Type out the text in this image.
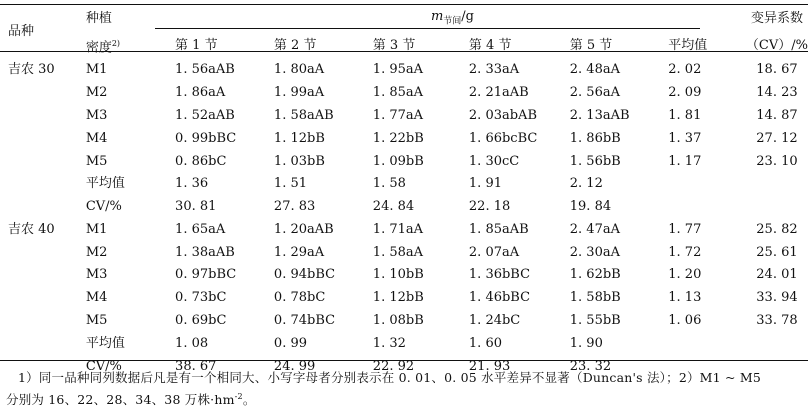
品种	种植	$m_{节间}/g$						变异系数
	密度$^{2)}$	第 1 节	第 2 节	第 3 节	第 4 节	第 5 节	平均值	（CV）/%
吉农 30	M1	1. 56aAB	1. 80aA	1. 95aA	2. 33aA	2. 48aA	2. 02	18. 67
	M2	1. 86aA	1. 99aA	1. 85aA	2. 21aAB	2. 56aA	2. 09	14. 23
	M3	1. 52aAB	1. 58aAB	1. 77aA	2. 03abAB	2. 13aAB	1. 81	14. 87
	M4	0. 99bBC	1. 12bB	1. 22bB	1. 66bcBC	1. 86bB	1. 37	27. 12
	M5	0. 86bC	1. 03bB	1. 09bB	1. 30cC	1. 56bB	1. 17	23. 10
	平均值	1. 36	1. 51	1. 58	1. 91	2. 12		
	CV/%	30. 81	27. 83	24. 84	22. 18	19. 84		
吉农 40	M1	1. 65aA	1. 20aAB	1. 71aA	1. 85aAB	2. 47aA	1. 77	25. 82
	M2	1. 38aAB	1. 29aA	1. 58aA	2. 07aA	2. 30aA	1. 72	25. 61
	M3	0. 97bBC	0. 94bBC	1. 10bB	1. 36bBC	1. 62bB	1. 20	24. 01
	M4	0. 73bC	0. 78bC	1. 12bB	1. 46bBC	1. 58bB	1. 13	33. 94
	M5	0. 69bC	0. 74bBC	1. 08bB	1. 24bC	1. 55bB	1. 06	33. 78
	平均值	1. 08	0. 99	1. 32	1. 60	1. 90		
	CV/%	38. 67	24. 99	22. 92	21. 93	23. 32		

1）同一品种同列数据后凡是有一个相同大、小写字母者分别表示在 0. 01、0. 05 水平差异不显著（Duncan's 法）；2）M1 ~ M5

分别为 16、22、28、34、38 万株$\cdot hm^{-2}$。
